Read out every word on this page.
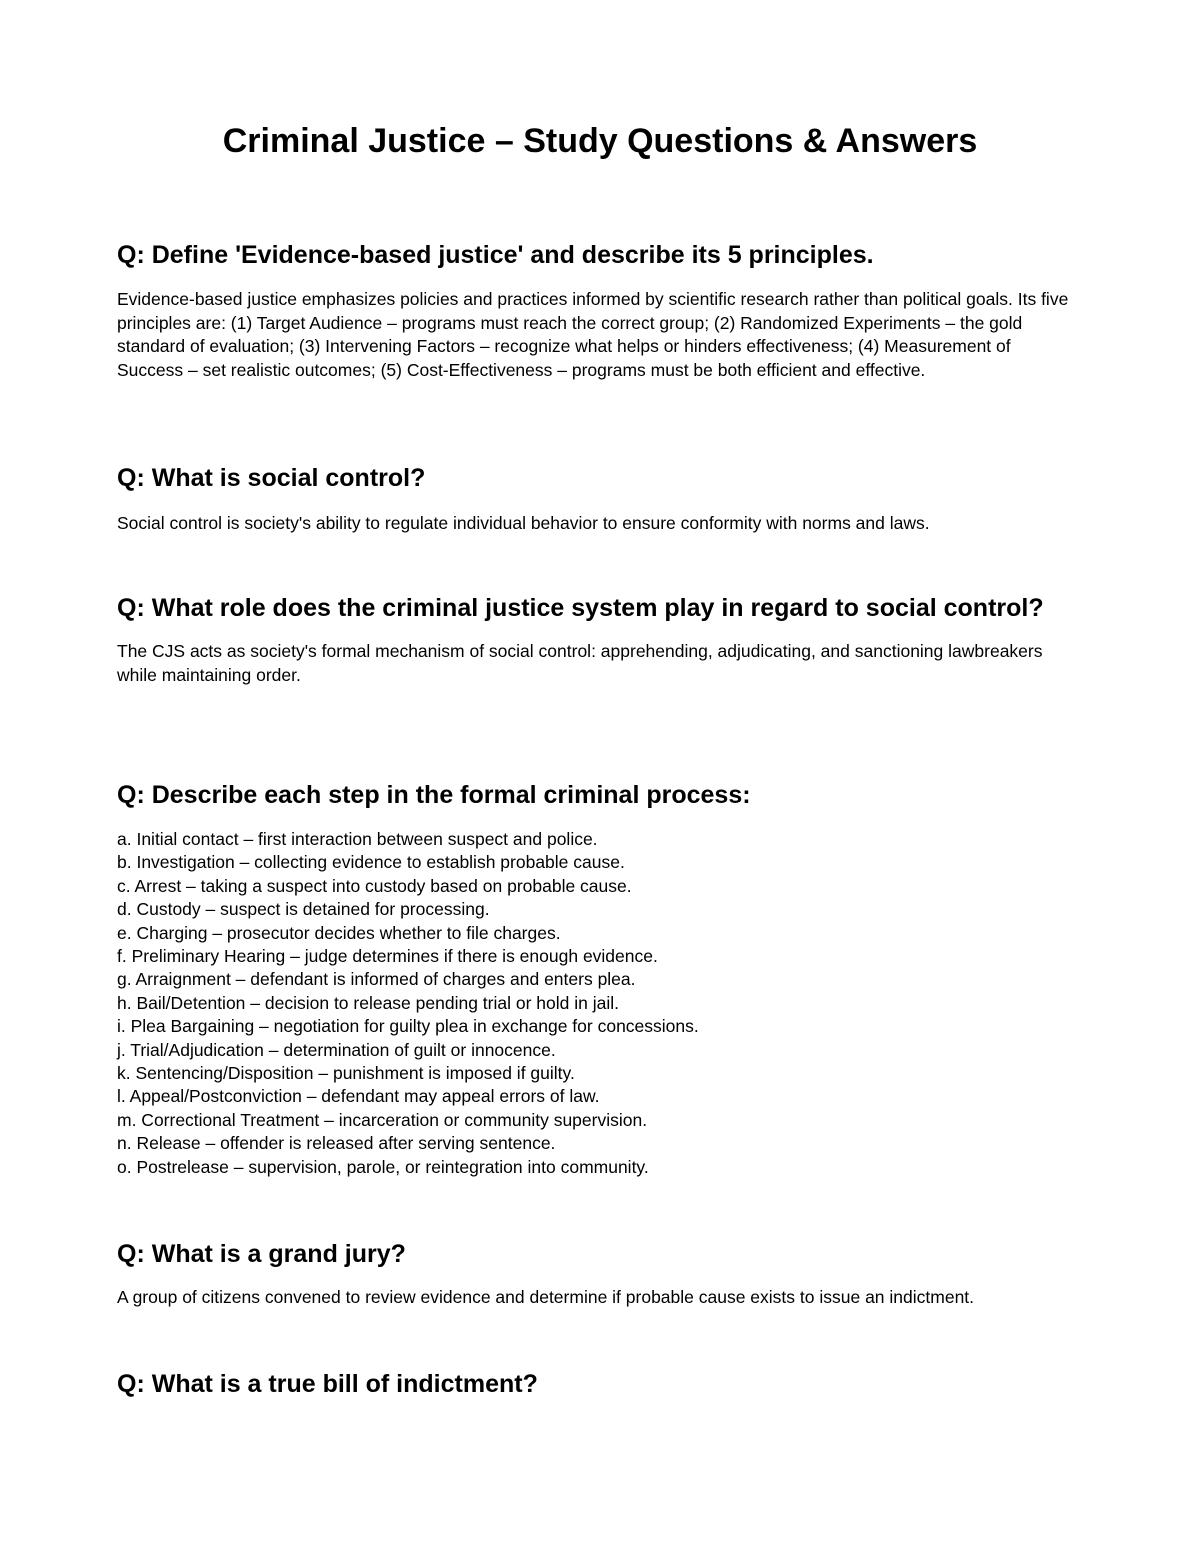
Criminal Justice – Study Questions & Answers
Q: Define 'Evidence-based justice' and describe its 5 principles.

Evidence-based justice emphasizes policies and practices informed by scientific research rather than political goals. Its five principles are: (1) Target Audience – programs must reach the correct group; (2) Randomized Experiments – the gold standard of evaluation; (3) Intervening Factors – recognize what helps or hinders effectiveness; (4) Measurement of Success – set realistic outcomes; (5) Cost-Effectiveness – programs must be both efficient and effective.

Q: What is social control?

Social control is society's ability to regulate individual behavior to ensure conformity with norms and laws.

Q: What role does the criminal justice system play in regard to social control?

The CJS acts as society's formal mechanism of social control: apprehending, adjudicating, and sanctioning lawbreakers while maintaining order.

Q: Describe each step in the formal criminal process:
a. Initial contact – first interaction between suspect and police.
b. Investigation – collecting evidence to establish probable cause.
c. Arrest – taking a suspect into custody based on probable cause.
d. Custody – suspect is detained for processing.
e. Charging – prosecutor decides whether to file charges.
f. Preliminary Hearing – judge determines if there is enough evidence.
g. Arraignment – defendant is informed of charges and enters plea.
h. Bail/Detention – decision to release pending trial or hold in jail.
i. Plea Bargaining – negotiation for guilty plea in exchange for concessions.
j. Trial/Adjudication – determination of guilt or innocence.
k. Sentencing/Disposition – punishment is imposed if guilty.
l. Appeal/Postconviction – defendant may appeal errors of law.
m. Correctional Treatment – incarceration or community supervision.
n. Release – offender is released after serving sentence.
o. Postrelease – supervision, parole, or reintegration into community.
Q: What is a grand jury?

A group of citizens convened to review evidence and determine if probable cause exists to issue an indictment.

Q: What is a true bill of indictment?
